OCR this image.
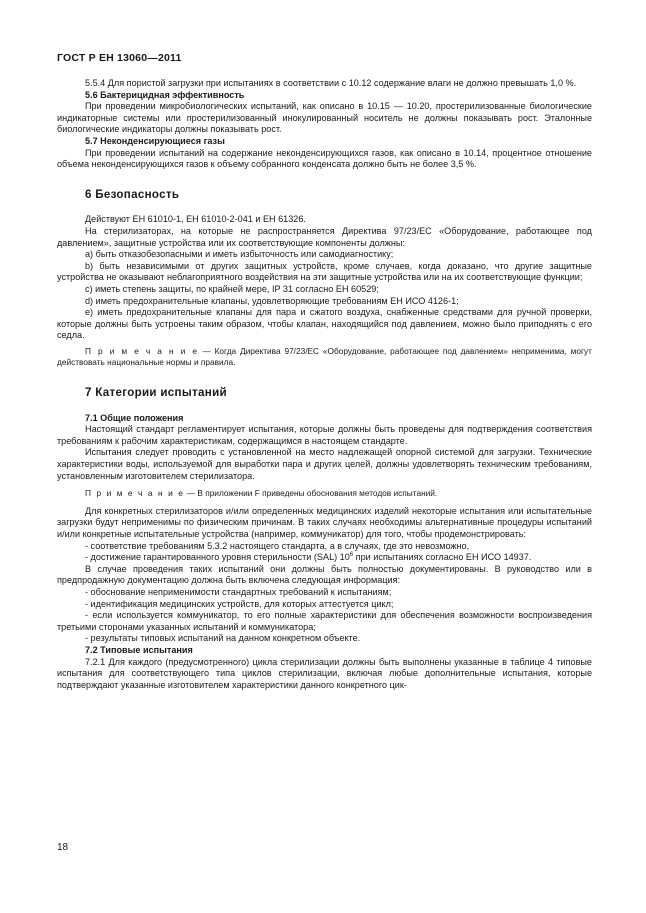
ГОСТ Р ЕН 13060—2011

5.5.4 Для пористой загрузки при испытаниях в соответствии с 10.12 содержание влаги не должно превышать 1,0 %.

5.6 Бактерицидная эффективность

При проведении микробиологических испытаний, как описано в 10.15 — 10.20, простерилизованные биологические индикаторные системы или простерилизованный инокулированный носитель не должны показывать рост. Эталонные биологические индикаторы должны показывать рост.

5.7 Неконденсирующиеся газы

При проведении испытаний на содержание неконденсирующихся газов, как описано в 10.14, процентное отношение объема неконденсирующихся газов к объему собранного конденсата должно быть не более 3,5 %.

6 Безопасность

Действуют ЕН 61010-1, ЕН 61010-2-041 и ЕН 61326.

На стерилизаторах, на которые не распространяется Директива 97/23/ЕС «Оборудование, работающее под давлением», защитные устройства или их соответствующие компоненты должны:

а) быть отказобезопасными и иметь избыточность или самодиагностику;

b) быть независимыми от других защитных устройств, кроме случаев, когда доказано, что другие защитные устройства не оказывают неблагоприятного воздействия на эти защитные устройства или на их соответствующие функции;

с) иметь степень защиты, по крайней мере, IP 31 согласно ЕН 60529;

d) иметь предохранительные клапаны, удовлетворяющие требованиям ЕН ИСО 4126-1;

е) иметь предохранительные клапаны для пара и сжатого воздуха, снабженные средствами для ручной проверки, которые должны быть устроены таким образом, чтобы клапан, находящийся под давлением, можно было приподнять с его седла.

П р и м е ч а н и е — Когда Директива 97/23/ЕС «Оборудование, работающее под давлением» неприменима, могут действовать национальные нормы и правила.

7 Категории испытаний

7.1 Общие положения

Настоящий стандарт регламентирует испытания, которые должны быть проведены для подтверждения соответствия требованиям к рабочим характеристикам, содержащимся в настоящем стандарте.

Испытания следует проводить с установленной на место надлежащей опорной системой для загрузки. Технические характеристики воды, используемой для выработки пара и других целей, должны удовлетворять техническим требованиям, установленным изготовителем стерилизатора.

П р и м е ч а н и е — В приложении F приведены обоснования методов испытаний.

Для конкретных стерилизаторов и/или определенных медицинских изделий некоторые испытания или испытательные загрузки будут неприменимы по физическим причинам. В таких случаях необходимы альтернативные процедуры испытаний и/или конкретные испытательные устройства (например, коммуникатор) для того, чтобы продемонстрировать:

- соответствие требованиям 5.3.2 настоящего стандарта, а в случаях, где это невозможно,

- достижение гарантированного уровня стерильности (SAL) $10^6$ при испытаниях согласно ЕН ИСО 14937.

В случае проведения таких испытаний они должны быть полностью документированы. В руководство или в предпродажную документацию должна быть включена следующая информация:

- обоснование неприменимости стандартных требований к испытаниям;

- идентификация медицинских устройств, для которых аттестуется цикл;

- если используется коммуникатор, то его полные характеристики для обеспечения возможности воспроизведения третьими сторонами указанных испытаний и коммуникатора;

- результаты типовых испытаний на данном конкретном объекте.

7.2 Типовые испытания

7.2.1 Для каждого (предусмотренного) цикла стерилизации должны быть выполнены указанные в таблице 4 типовые испытания для соответствующего типа циклов стерилизации, включая любые дополнительные испытания, которые подтверждают указанные изготовителем характеристики данного конкретного цик-

18
